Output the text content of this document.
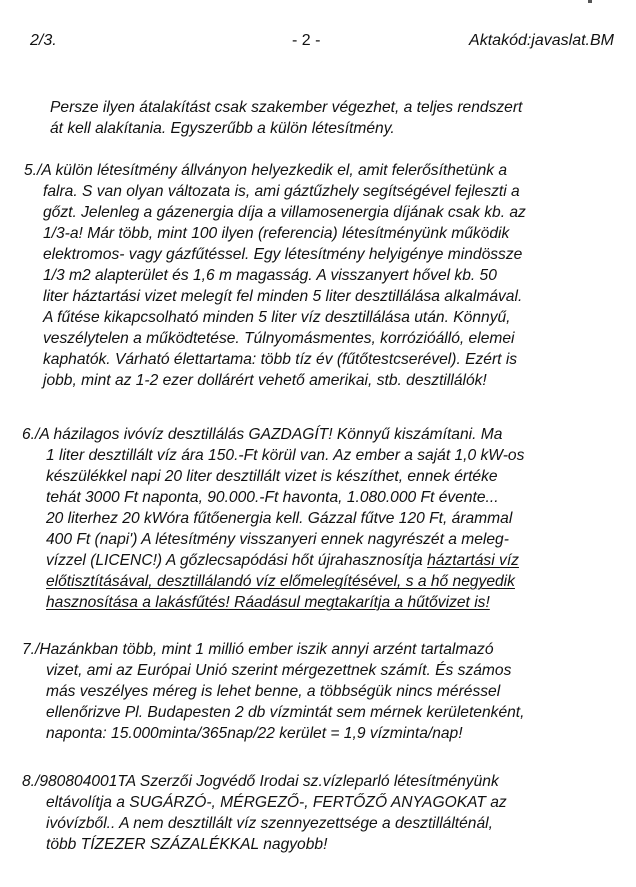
2/3.	- 2 -	Aktakód:javaslat.BM
Persze ilyen átalakítást csak szakember végezhet, a teljes rendszert
át kell alakítania. Egyszerűbb a külön létesítmény.
5./A külön létesítmény állványon helyezkedik el, amit felerősíthetünk a
falra. S van olyan változata is, ami gáztűzhely segítségével fejleszti a
gőzt. Jelenleg a gázenergia díja a villamosenergia díjának csak kb. az
1/3-a! Már több, mint 100 ilyen (referencia) létesítményünk működik
elektromos- vagy gázfűtéssel. Egy létesítmény helyigénye mindössze
1/3 m2 alapterület és 1,6 m magasság. A visszanyert hővel kb. 50
liter háztartási vizet melegít fel minden 5 liter desztillálása alkalmával.
A fűtése kikapcsolható minden 5 liter víz desztillálása után. Könnyű,
veszélytelen a működtetése. Túlnyomásmentes, korrózióálló, elemei
kaphatók. Várható élettartama: több tíz év (fűtőtestcserével). Ezért is
jobb, mint az 1-2 ezer dollárért vehető amerikai, stb. desztillálók!
6./A házilagos ivóvíz desztillálás GAZDAGÍT! Könnyű kiszámítani. Ma
1 liter desztillált víz ára 150.-Ft körül van. Az ember a saját 1,0 kW-os
készülékkel napi 20 liter desztillált vizet is készíthet, ennek értéke
tehát 3000 Ft naponta, 90.000.-Ft havonta, 1.080.000 Ft évente...
20 literhez 20 kWóra fűtőenergia kell. Gázzal fűtve 120 Ft, árammal
400 Ft (napi') A létesítmény visszanyeri ennek nagyrészét a meleg-
vízzel (LICENC!) A gőzlecsapódási hőt újrahasznosítja háztartási víz
előtisztításával, desztillálandó víz előmelegítésével, s a hő negyedik
hasznosítása a lakásfűtés! Ráadásul megtakarítja a hűtővizet is!
7./Hazánkban több, mint 1 millió ember iszik annyi arzént tartalmazó
vizet, ami az Európai Unió szerint mérgezettnek számít. És számos
más veszélyes méreg is lehet benne, a többségük nincs méréssel
ellenőrizve Pl. Budapesten 2 db vízmintát sem mérnek kerületenként,
naponta: 15.000minta/365nap/22 kerület = 1,9 vízminta/nap!
8./980804001TA Szerzői Jogvédő Irodai sz.vízleparló létesítményünk
eltávolítja a SUGÁRZÓ-, MÉRGEZŐ-, FERTŐZŐ ANYAGOKAT az
ivóvízből.. A nem desztillált víz szennyezettsége a desztillálténál,
több TÍZEZER SZÁZALÉKKAL nagyobb!
